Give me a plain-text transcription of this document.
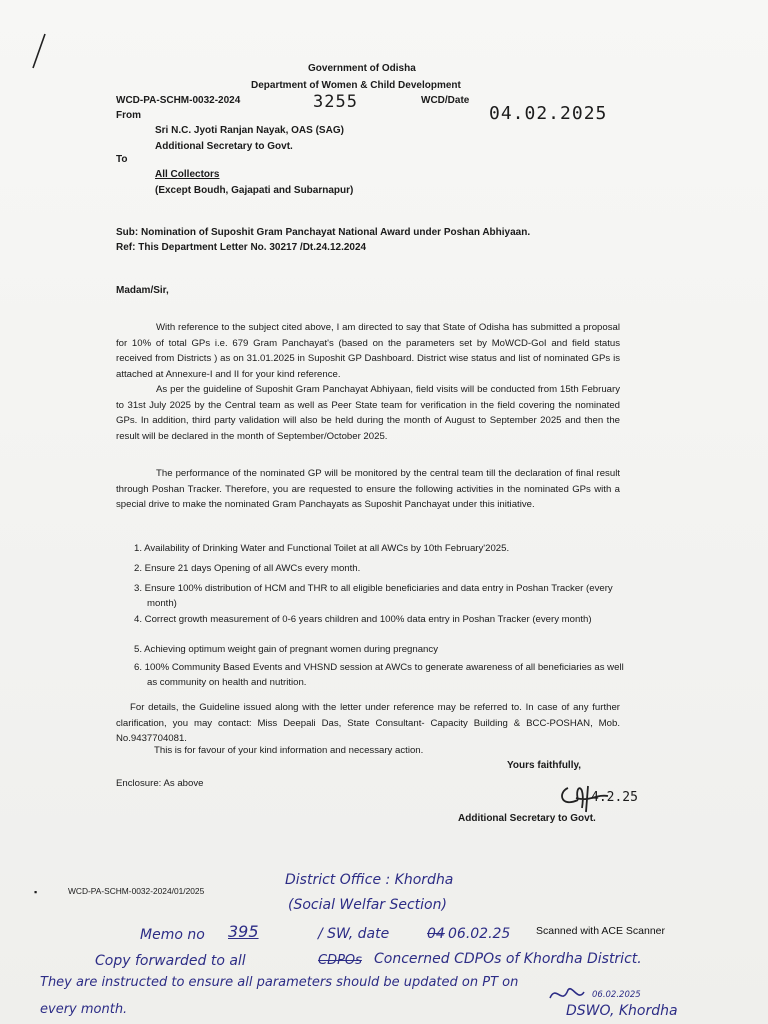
Government of Odisha
Department of Women & Child Development
WCD-PA-SCHM-0032-2024	3255	WCD/Date
04.02.2025
From
Sri N.C. Jyoti Ranjan Nayak, OAS (SAG)
Additional Secretary to Govt.
To
All Collectors
(Except Boudh, Gajapati and Subarnapur)
Sub: Nomination of Suposhit Gram Panchayat National Award under Poshan Abhiyaan.
Ref: This Department Letter No. 30217 /Dt.24.12.2024
Madam/Sir,
With reference to the subject cited above, I am directed to say that State of Odisha has submitted a proposal for 10% of total GPs i.e. 679 Gram Panchayat's (based on the parameters set by MoWCD-GoI and field status received from Districts ) as on 31.01.2025 in Suposhit GP Dashboard. District wise status and list of nominated GPs is attached at Annexure-I and II for your kind reference.
As per the guideline of Suposhit Gram Panchayat Abhiyaan, field visits will be conducted from 15th February to 31st July 2025 by the Central team as well as Peer State team for verification in the field covering the nominated GPs. In addition, third party validation will also be held during the month of August to September 2025 and then the result will be declared in the month of September/October 2025.
The performance of the nominated GP will be monitored by the central team till the declaration of final result through Poshan Tracker. Therefore, you are requested to ensure the following activities in the nominated GPs with a special drive to make the nominated Gram Panchayats as Suposhit Panchayat under this initiative.
1. Availability of Drinking Water and Functional Toilet at all AWCs by 10th February'2025.
2. Ensure 21 days Opening of all AWCs every month.
3. Ensure 100% distribution of HCM and THR to all eligible beneficiaries and data entry in Poshan Tracker (every month)
4. Correct growth measurement of 0-6 years children and 100% data entry in Poshan Tracker (every month)
5. Achieving optimum weight gain of pregnant women during pregnancy
6. 100% Community Based Events and VHSND session at AWCs to generate awareness of all beneficiaries as well as community on health and nutrition.
For details, the Guideline issued along with the letter under reference may be referred to. In case of any further clarification, you may contact: Miss Deepali Das, State Consultant- Capacity Building & BCC-POSHAN, Mob. No.9437704081.
This is for favour of your kind information and necessary action.
Yours faithfully,
Enclosure: As above
4.2.25
Additional Secretary to Govt.
▪	WCD-PA-SCHM-0032-2024/01/2025
District Office : Khordha
(Social Welfar Section)
Memo no 395	/ SW, date	04 06.02.25 Scanned with ACE Scanner
Copy forwarded to all	CDPOs Concerned CDPOs of Khordha District.
They are instructed to ensure all parameters should be updated on PT on
every month.
06.02.2025
DSWO, Khordha
